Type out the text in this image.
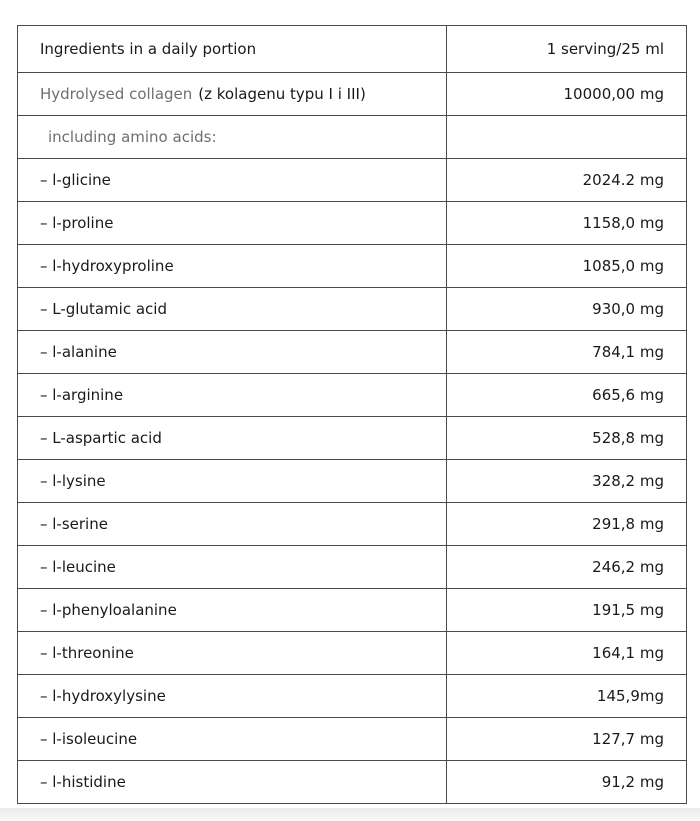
Ingredients in a daily portion	1 serving/25 ml
Hydrolysed collagen (z kolagenu typu I i III)	10000,00 mg
including amino acids:	
– l-glicine	2024.2 mg
– l-proline	1158,0 mg
– l-hydroxyproline	1085,0 mg
– L-glutamic acid	930,0 mg
– l-alanine	784,1 mg
– l-arginine	665,6 mg
– L-aspartic acid	528,8 mg
– l-lysine	328,2 mg
– l-serine	291,8 mg
– l-leucine	246,2 mg
– l-phenyloalanine	191,5 mg
– l-threonine	164,1 mg
– l-hydroxylysine	145,9mg
– l-isoleucine	127,7 mg
– l-histidine	91,2 mg
